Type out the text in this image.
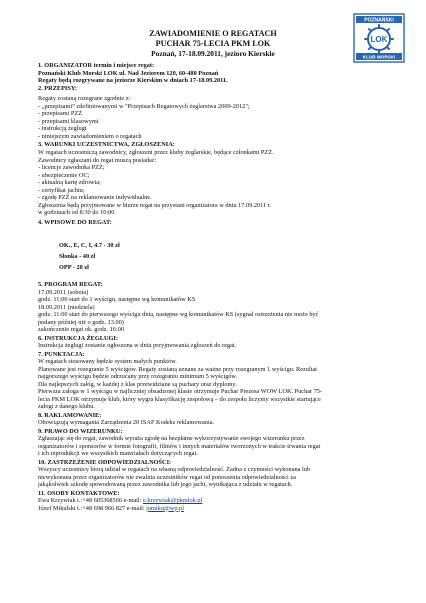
POZNAŃSKI
LOK
KLUB MORSKI
ZAWIADOMIENIE O REGATACH
PUCHAR 75-LECIA PKM LOK
Poznań, 17-18.09.2011, jezioro Kierskie
1. ORGANIZATOR termin i miejsce regat:
Poznański Klub Morski LOK ul. Nad Jeziorem 120, 60-480 Poznań
Regaty będą rozgrywane na jeziorze Kierskim w dniach 17-18.09.2011.
2. PRZEPISY:
Regaty zostaną rozegrane zgodnie z:
- „przepisami” zdefiniowanymi w "Przepisach Regatowych żeglarstwa 2009-2012";
- przepisami PZŻ
- przepisami klasowymi
- instrukcją żeglugi
- niniejszym zawiadomieniem o regatach
3. WARUNKI UCZESTNICTWA, ZGŁOSZENIA:
W regatach uczestniczą zawodnicy, zgłoszeni przez kluby żeglarskie, będące członkami PZŻ.
Zawodnicy zgłaszani do regat muszą posiadać:
- licencje zawodnika PZŻ;
- ubezpieczenie OC;
- aktualną kartę zdrowia;
- certyfikat jachtu;
- zgodę PZŻ na reklamowanie indywidualne.
Zgłoszenia będą przyjmowane w biurze regat na przystani organizatora w dniu 17.09.2011 r.
w godzinach od 8:30 do 10:00.
4. WPISOWE DO REGAT:
OK., E, C, I, 4.7 - 30 zł
Słonka - 40 zł
OPP - 20 zł
5. PROGRAM REGAT:
17.09.2011 (sobota)
godz. 11:00 start do 1 wyścigu, następne wg komunikatów KS
18.09.2011 (niedziela)
godz. 11:00 start do pierwszego wyścigu dnia, następne wg komunikatów KS (sygnał ostrzeżenia nie może być
podany później niż o godz. 13.00)
zakończenie regat ok. godz. 16:00
6. INSTRUKCJA ŻEGLUGI:
Instrukcja żeglugi zostanie ogłoszona w dniu przyjmowania zgłoszeń do regat.
7. PUNKTACJA:
W regatach stosowany będzie system małych punktów.
Planowane jest rozegranie 5 wyścigów. Regaty zostaną uznane za ważne przy rozegranym 1 wyścigu. Rezultat
najgorszego wyścigu będzie odrzucany przy rozegraniu minimum 5 wyścigów.
Dla najlepszych załóg, w każdej z klas przewidziane są puchary oraz dyplomy.
Pierwsza załoga w 1 wyścigu w najliczniej obsadzonej klasie otrzymuje Puchar Prezesa WOW LOK. Puchar 75-
lecia PKM LOK otrzymuje klub, który wygra klasyfikację zespołową – do zespołu liczymy wszystkie startujące
załogi z danego klubu.
8. RAKLAMOWANIE:
Obowiązują wymagania Zarządzenia 20 ISAF Kodeks reklamowania.
9. PRAWO DO WIZERUNKU:
Zgłaszając się do regat, zawodnik wyraża zgodę na bezpłatne wykorzystywanie swojego wizerunku przez
organizatorów i sponsorów w formie fotografii, filmów i innych materiałów tworzonych w trakcie trwania regat
i ich reprodukcji we wszystkich materiałach dotyczących regat.
10. ZASTRZEŻENIE ODPOWIEDZIALNOŚCI:
Wszyscy uczestnicy biorą udział w regatach na własną odpowiedzialność. Żadna z czynności wykonana lub
niewykonana przez organizatorów nie zwalnia uczestników regat od ponoszenia odpowiedzialności za
jakąkolwiek szkodę spowodowaną przez zawodnika lub jego jacht, wynikająca z udziału w regatach.
11. OSOBY KONTAKTOWE:
Ewa Krzywiak t.:+48 605368566 e-mail: e.krzywiak@pkmlok.pl
Józef Mikulski t.:+48 698 966 827 e-mail: jumiku@wp.pl
